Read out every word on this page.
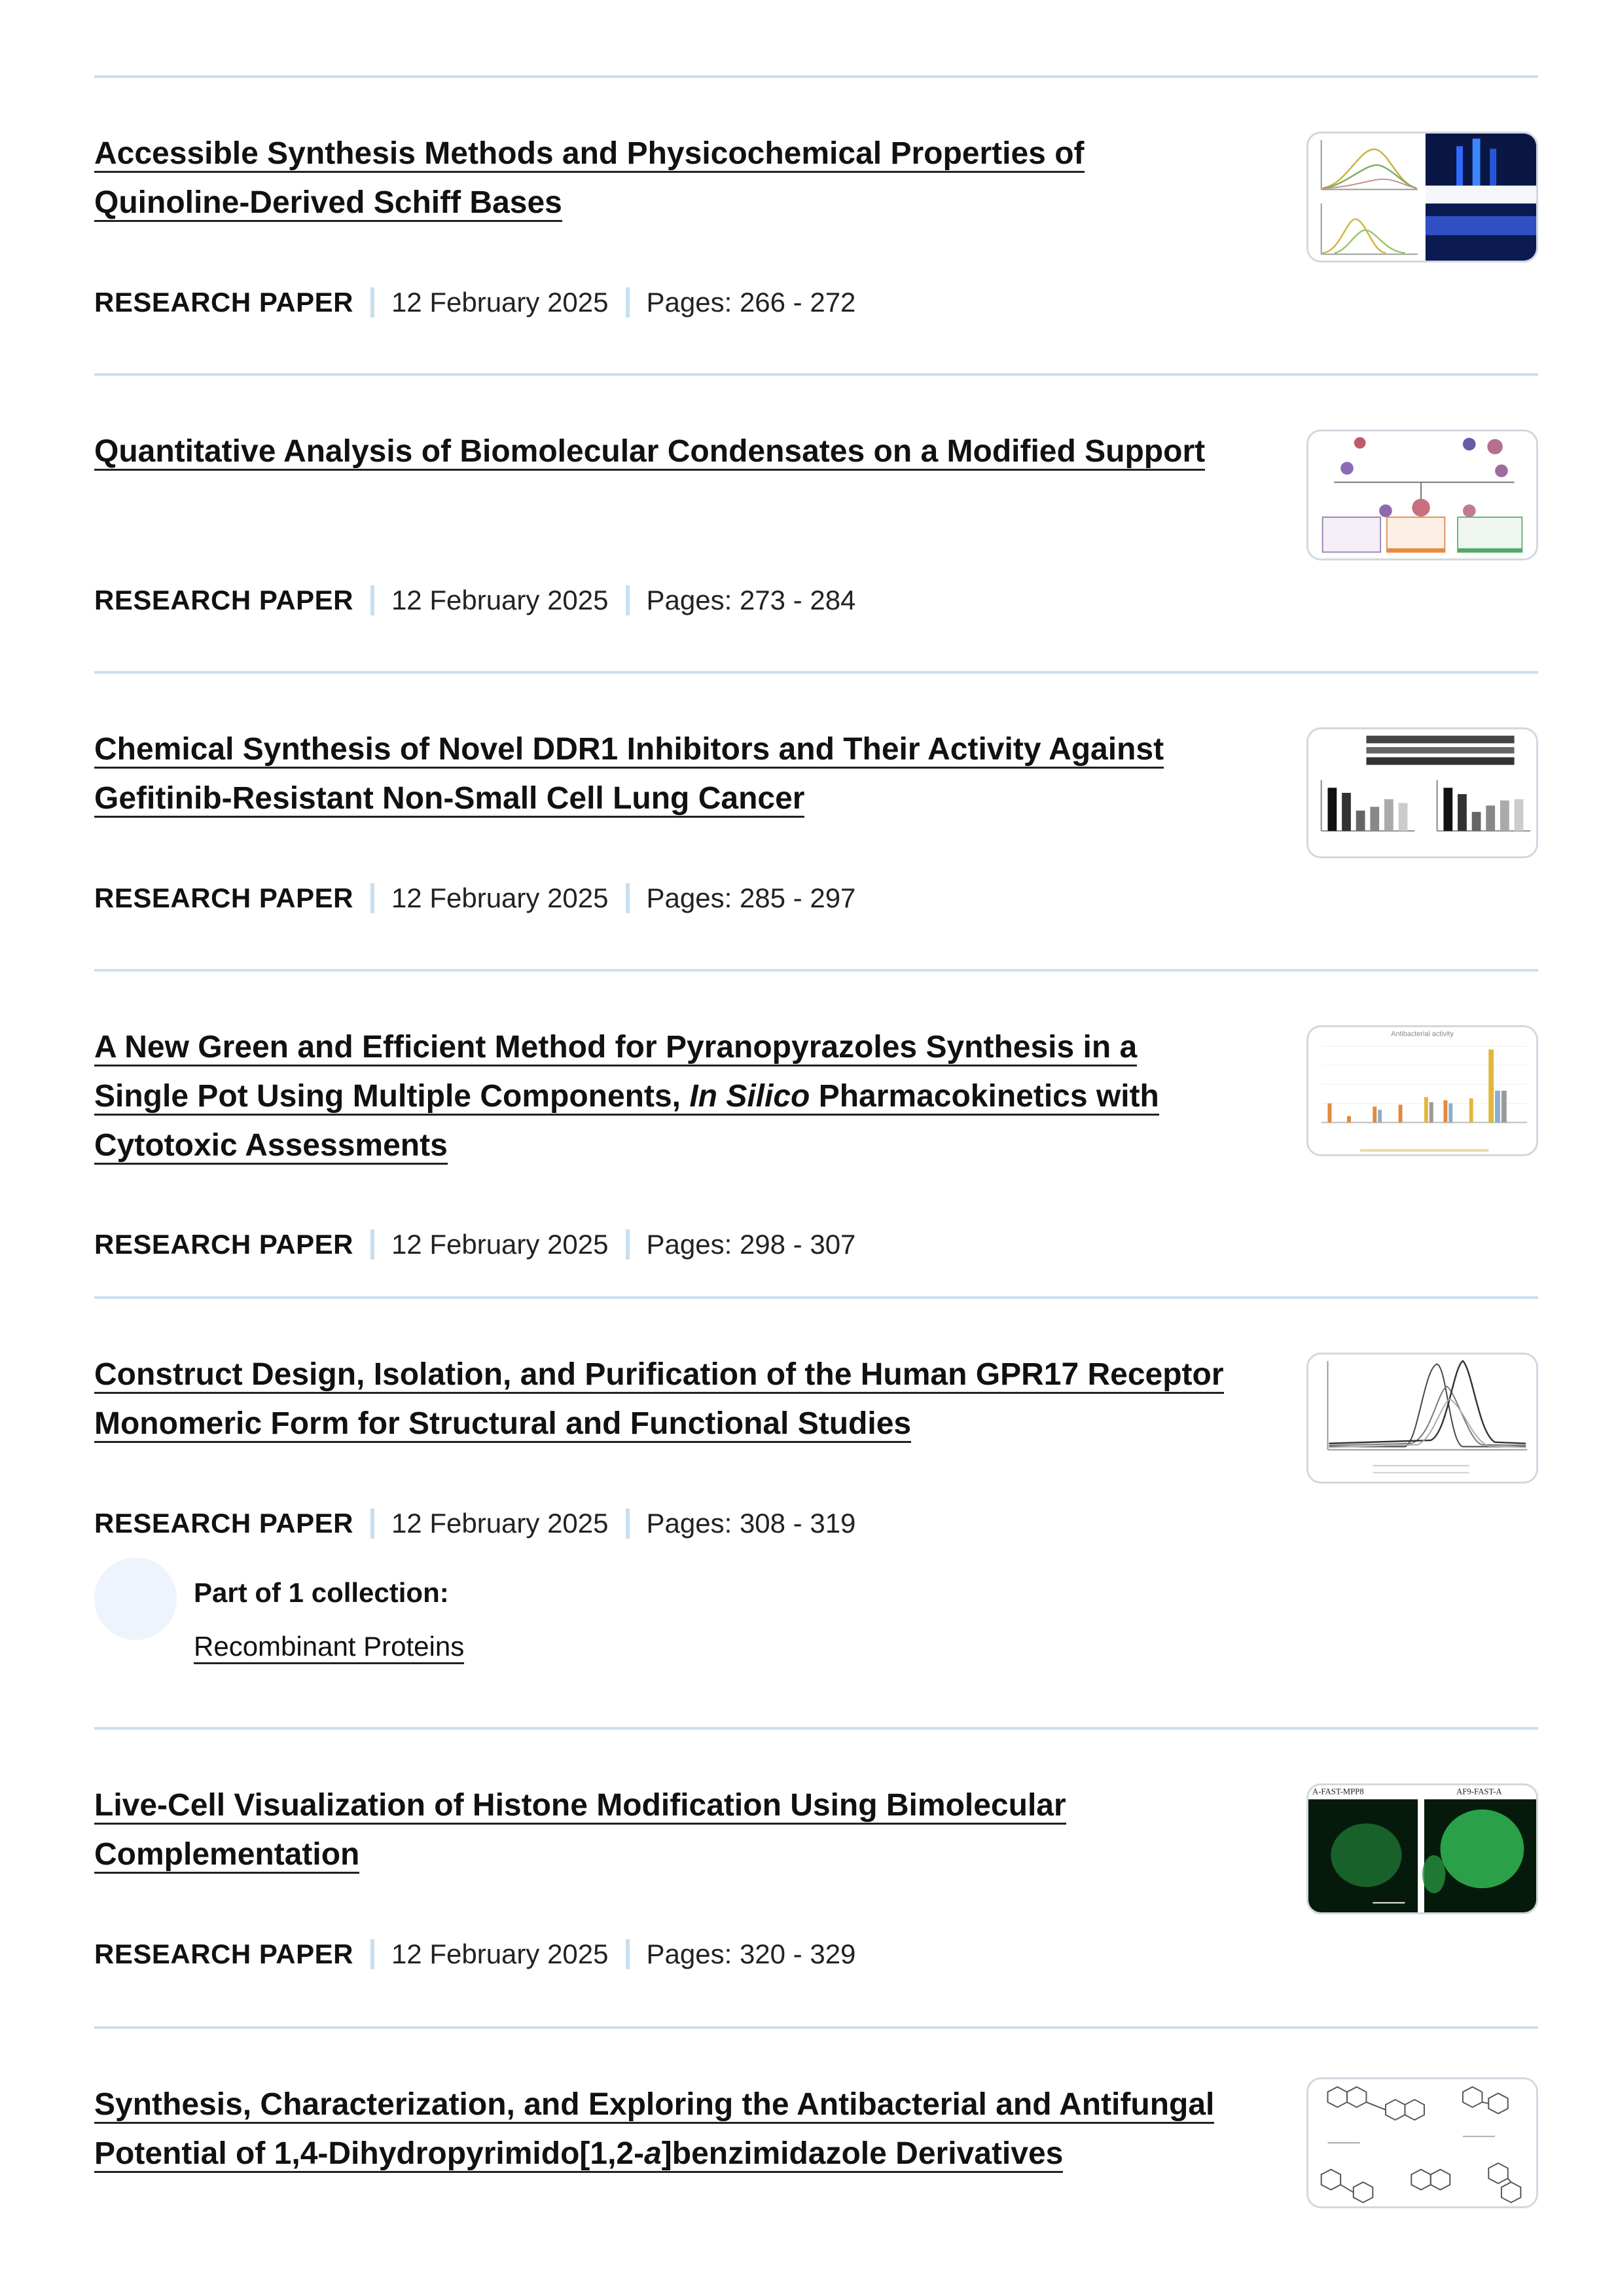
Accessible Synthesis Methods and Physicochemical Properties of Quinoline-Derived Schiff Bases
RESEARCH PAPER 12 February 2025 Pages: 266 - 272
Quantitative Analysis of Biomolecular Condensates on a Modified Support
RESEARCH PAPER 12 February 2025 Pages: 273 - 284
Chemical Synthesis of Novel DDR1 Inhibitors and Their Activity Against Gefitinib-Resistant Non-Small Cell Lung Cancer
RESEARCH PAPER 12 February 2025 Pages: 285 - 297
A New Green and Efficient Method for Pyranopyrazoles Synthesis in a Single Pot Using Multiple Components, In Silico Pharmacokinetics with Cytotoxic Assessments
RESEARCH PAPER 12 February 2025 Pages: 298 - 307
Antibacterial activity
Construct Design, Isolation, and Purification of the Human GPR17 Receptor Monomeric Form for Structural and Functional Studies
RESEARCH PAPER 12 February 2025 Pages: 308 - 319
Part of 1 collection:
Recombinant Proteins
Live-Cell Visualization of Histone Modification Using Bimolecular Complementation
RESEARCH PAPER 12 February 2025 Pages: 320 - 329
A-FAST-MPP8	AF9-FAST-A
Synthesis, Characterization, and Exploring the Antibacterial and Antifungal Potential of 1,4-Dihydropyrimido[1,2-a]benzimidazole Derivatives
